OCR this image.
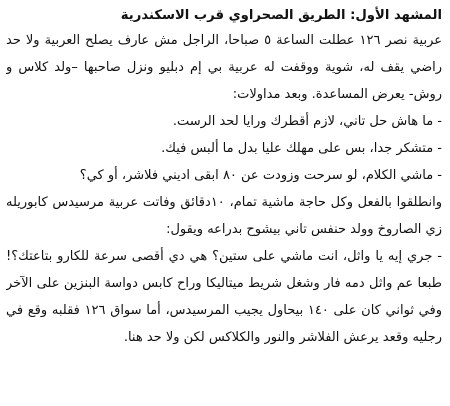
المشهد الأول: الطريق الصحراوي قرب الاسكندرية

عربية نصر ١٢٦ عطلت الساعة ٥ صباحا، الراجل مش عارف يصلح العربية ولا حد

راضي يقف له، شوية ووقفت له عربية بي إم دبليو ونزل صاحبها –ولد كلاس و

روش- يعرض المساعدة. وبعد مداولات:

- ما هاش حل تاني، لازم أقطرك ورايا لحد الرست.

- متشكر جدا، بس على مهلك عليا بدل ما ألبس فيك.

- ماشي الكلام، لو سرحت وزودت عن ٨٠ ابقى اديني فلاشر، أو كي؟

وانطلقوا بالفعل وكل حاجة ماشية تمام، ١٠دقائق وفاتت عربية مرسيدس كابوريله

زي الصاروخ وولد حنفس تاني بيشوح بدراعه ويقول:

- جري إيه يا واثل، انت ماشي على ستين؟ هي دي أقصى سرعة للكارو بتاعتك؟!

طبعا عم واثل دمه فار وشغل شريط ميتاليكا وراح كابس دواسة البنزين على الآخر

وفي ثواني كان على ١٤٠ بيحاول يجيب المرسيدس، أما سواق ١٢٦ فقلبه وقع في

رجليه وقعد يرعش الفلاشر والنور والكلاكس لكن ولا حد هنا.
